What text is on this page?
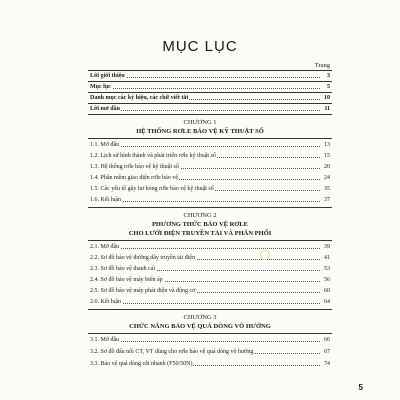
MỤC LỤC
Trang
Lời giới thiệu	3
Mục lục	5
Danh mục các ký hiệu, các chữ viết tắt	10
Lời mở đầu	11
CHƯƠNG 1
HỆ THỐNG RƠLE BẢO VỆ KỸ THUẬT SỐ
1.1. Mở đầu	13
1.2. Lịch sử hình thành và phát triển rơle kỹ thuật số	15
1.3. Hệ thống rơle bảo vệ kỹ thuật số	20
1.4. Phần mềm giao diện rơle bảo vệ	24
1.5. Các yếu tố gây hư hỏng rơle bảo vệ kỹ thuật số	35
1.6. Kết luận	37
CHƯƠNG 2
PHƯƠNG THỨC BẢO VỆ RƠLE
CHO LƯỚI ĐIỆN TRUYỀN TẢI VÀ PHÂN PHỐI
2.1. Mở đầu	39
2.2. Sơ đồ bảo vệ đường dây truyền tải điện	41
2.3. Sơ đồ bảo vệ thanh cái	53
2.4. Sơ đồ bảo vệ máy biến áp	56
2.5. Sơ đồ bảo vệ máy phát điện và động cơ	60
2.6. Kết luận	64
CHƯƠNG 3
CHỨC NĂNG BẢO VỆ QUÁ DÒNG VÔ HƯỚNG
3.1. Mở đầu	66
3.2. Sơ đồ đấu nối CT, VT dùng cho rơle bảo vệ quá dòng vô hướng	67
3.3. Bảo vệ quá dòng cắt nhanh (F50/50N)	74
5
